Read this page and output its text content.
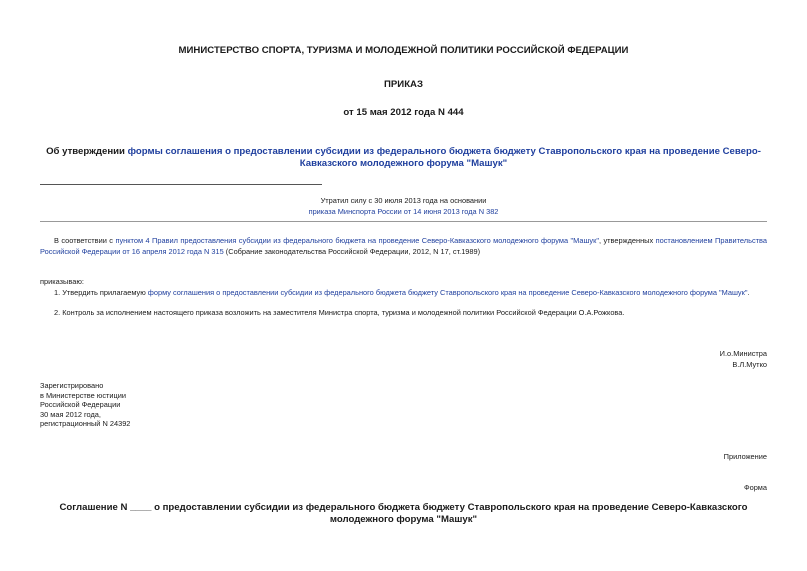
МИНИСТЕРСТВО СПОРТА, ТУРИЗМА И МОЛОДЕЖНОЙ ПОЛИТИКИ РОССИЙСКОЙ ФЕДЕРАЦИИ
ПРИКАЗ
от 15 мая 2012 года N 444
Об утверждении формы соглашения о предоставлении субсидии из федерального бюджета бюджету Ставропольского края на проведение Северо-Кавказского молодежного форума "Машук"
Утратил силу с 30 июля 2013 года на основании
приказа Минспорта России от 14 июня 2013 года N 382
В соответствии с пунктом 4 Правил предоставления субсидии из федерального бюджета на проведение Северо-Кавказского молодежного форума "Машук", утвержденных постановлением Правительства Российской Федерации от 16 апреля 2012 года N 315 (Собрание законодательства Российской Федерации, 2012, N 17, ст.1989)
приказываю:
1. Утвердить прилагаемую форму соглашения о предоставлении субсидии из федерального бюджета бюджету Ставропольского края на проведение Северо-Кавказского молодежного форума "Машук".
2. Контроль за исполнением настоящего приказа возложить на заместителя Министра спорта, туризма и молодежной политики Российской Федерации О.А.Рожкова.
И.о.Министра
В.Л.Мутко
Зарегистрировано
в Министерстве юстиции
Российской Федерации
30 мая 2012 года,
регистрационный N 24392
Приложение
Форма
Соглашение N ____ о предоставлении субсидии из федерального бюджета бюджету Ставропольского края на проведение Северо-Кавказского молодежного форума "Машук"
